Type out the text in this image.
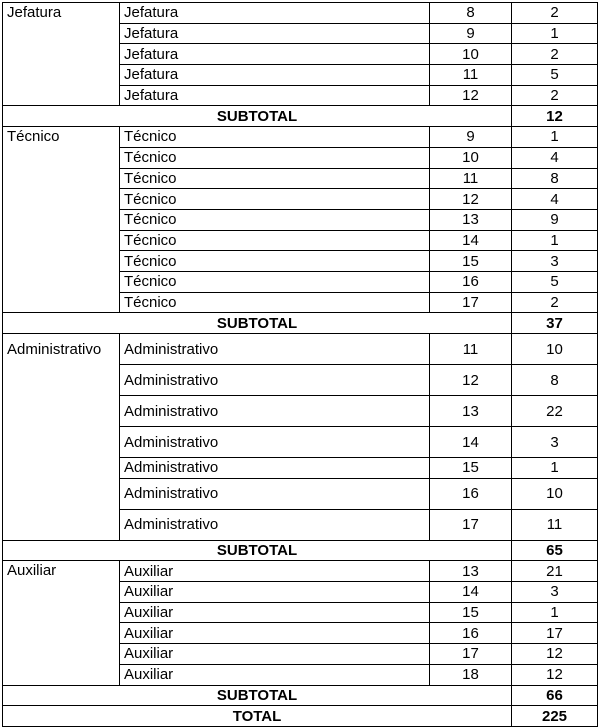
Jefatura	Jefatura	8	2
	Jefatura	9	1
	Jefatura	10	2
	Jefatura	11	5
	Jefatura	12	2
SUBTOTAL			12
Técnico	Técnico	9	1
	Técnico	10	4
	Técnico	11	8
	Técnico	12	4
	Técnico	13	9
	Técnico	14	1
	Técnico	15	3
	Técnico	16	5
	Técnico	17	2
SUBTOTAL			37
Administrativo	Administrativo	11	10
	Administrativo	12	8
	Administrativo	13	22
	Administrativo	14	3
	Administrativo	15	1
	Administrativo	16	10
	Administrativo	17	11
SUBTOTAL			65
Auxiliar	Auxiliar	13	21
	Auxiliar	14	3
	Auxiliar	15	1
	Auxiliar	16	17
	Auxiliar	17	12
	Auxiliar	18	12
SUBTOTAL			66
TOTAL			225
